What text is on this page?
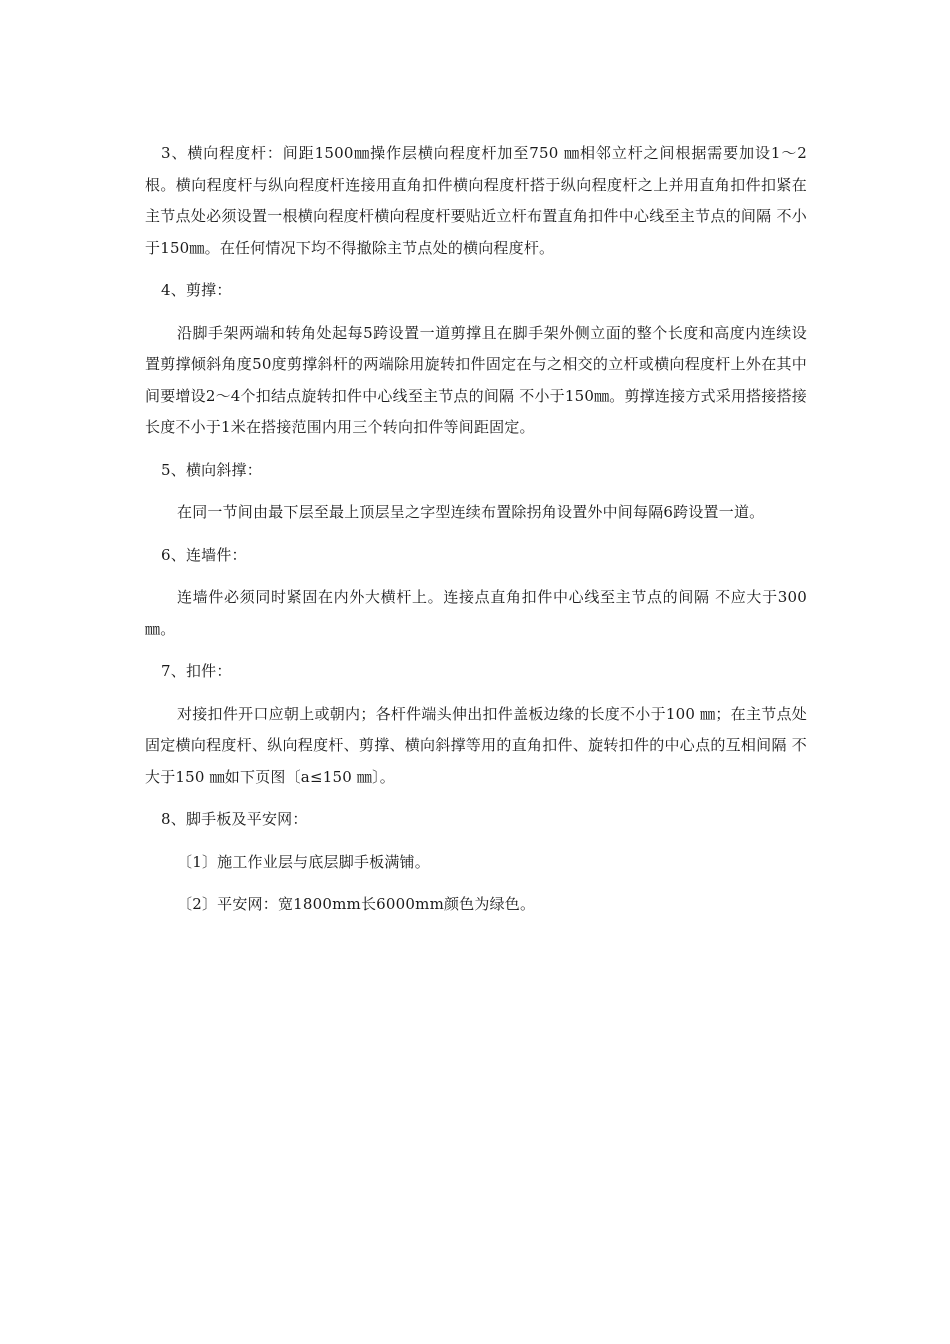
3、横向程度杆：间距1500㎜操作层横向程度杆加至750 ㎜相邻立杆之间根据需要加设1～2根。横向程度杆与纵向程度杆连接用直角扣件横向程度杆搭于纵向程度杆之上并用直角扣件扣紧在主节点处必须设置一根横向程度杆横向程度杆要贴近立杆布置直角扣件中心线至主节点的间隔 不小于150㎜。在任何情况下均不得撤除主节点处的横向程度杆。

4、剪撑：

沿脚手架两端和转角处起每5跨设置一道剪撑且在脚手架外侧立面的整个长度和高度内连续设置剪撑倾斜角度50度剪撑斜杆的两端除用旋转扣件固定在与之相交的立杆或横向程度杆上外在其中间要增设2～4个扣结点旋转扣件中心线至主节点的间隔 不小于150㎜。剪撑连接方式采用搭接搭接长度不小于1米在搭接范围内用三个转向扣件等间距固定。

5、横向斜撑：

在同一节间由最下层至最上顶层呈之字型连续布置除拐角设置外中间每隔6跨设置一道。

6、连墙件：

连墙件必须同时紧固在内外大横杆上。连接点直角扣件中心线至主节点的间隔 不应大于300㎜。

7、扣件：

对接扣件开口应朝上或朝内；各杆件端头伸出扣件盖板边缘的长度不小于100 ㎜；在主节点处固定横向程度杆、纵向程度杆、剪撑、横向斜撑等用的直角扣件、旋转扣件的中心点的互相间隔 不大于150 ㎜如下页图〔a≤150 ㎜〕。

8、脚手板及平安网：

〔1〕施工作业层与底层脚手板满铺。

〔2〕平安网：宽1800mm长6000mm颜色为绿色。
